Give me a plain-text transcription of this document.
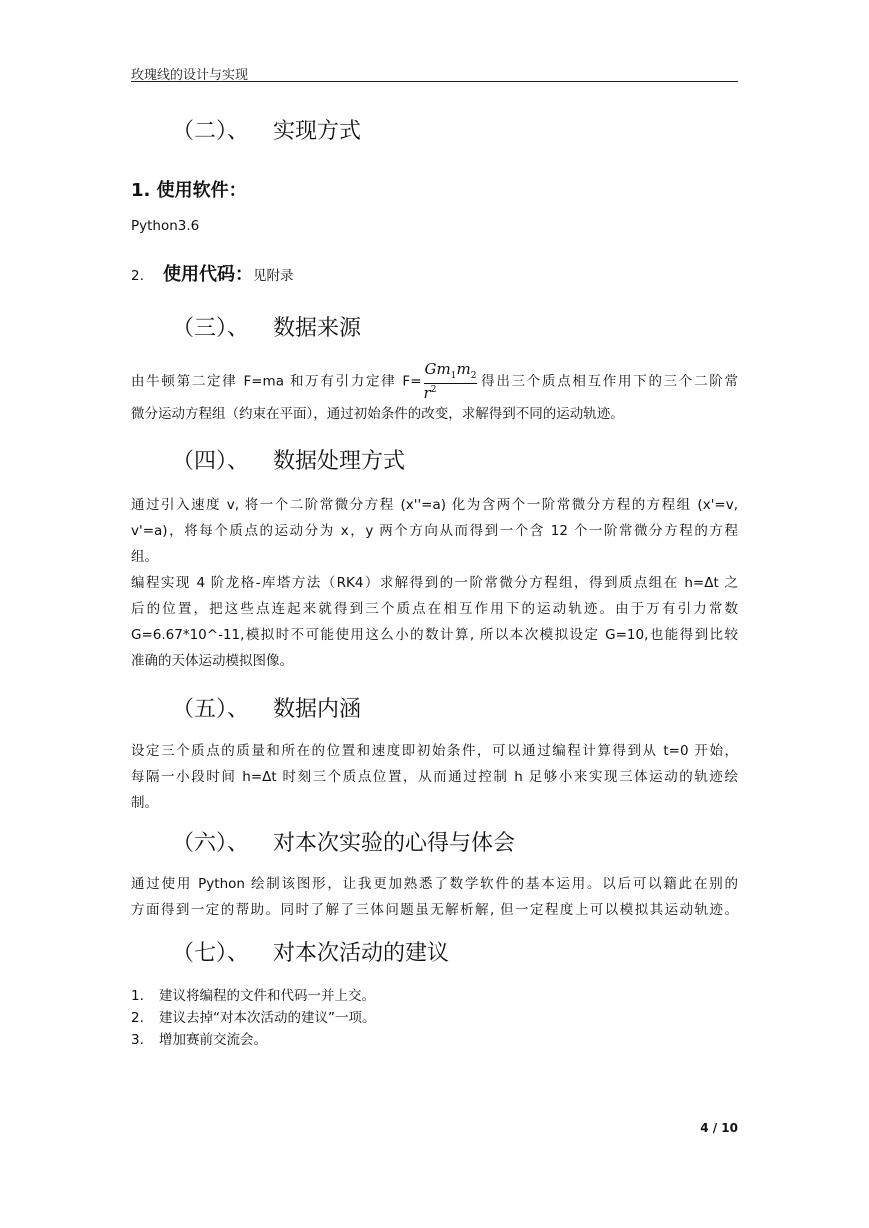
玫瑰线的设计与实现
（二）、 实现方式
1. 使用软件：
Python3.6
2. 使用代码：见附录
（三）、 数据来源
由牛顿第二定律 F=ma 和万有引力定律 $F= \frac{Gm_1m_2}{r^2}$ 得出三个质点相互作用下的三个二阶常
微分运动方程组（约束在平面），通过初始条件的改变，求解得到不同的运动轨迹。
（四）、 数据处理方式
通过引入速度 v, 将一个二阶常微分方程 (x''=a) 化为含两个一阶常微分方程的方程组 (x'=v,
v'=a)，将每个质点的运动分为 x，y 两个方向从而得到一个含 12 个一阶常微分方程的方程
组。
编程实现 4 阶龙格-库塔方法（RK4）求解得到的一阶常微分方程组，得到质点组在 h=Δt 之
后的位置，把这些点连起来就得到三个质点在相互作用下的运动轨迹。由于万有引力常数
G=6.67*10^-11,模拟时不可能使用这么小的数计算, 所以本次模拟设定 G=10,也能得到比较
准确的天体运动模拟图像。
（五）、 数据内涵
设定三个质点的质量和所在的位置和速度即初始条件，可以通过编程计算得到从 t=0 开始，
每隔一小段时间 h=Δt 时刻三个质点位置，从而通过控制 h 足够小来实现三体运动的轨迹绘
制。
（六）、 对本次实验的心得与体会
通过使用 Python 绘制该图形，让我更加熟悉了数学软件的基本运用。以后可以籍此在别的
方面得到一定的帮助。同时了解了三体问题虽无解析解, 但一定程度上可以模拟其运动轨迹。
（七）、 对本次活动的建议
1. 建议将编程的文件和代码一并上交。
2. 建议去掉“对本次活动的建议”一项。
3. 增加赛前交流会。
4 / 10
